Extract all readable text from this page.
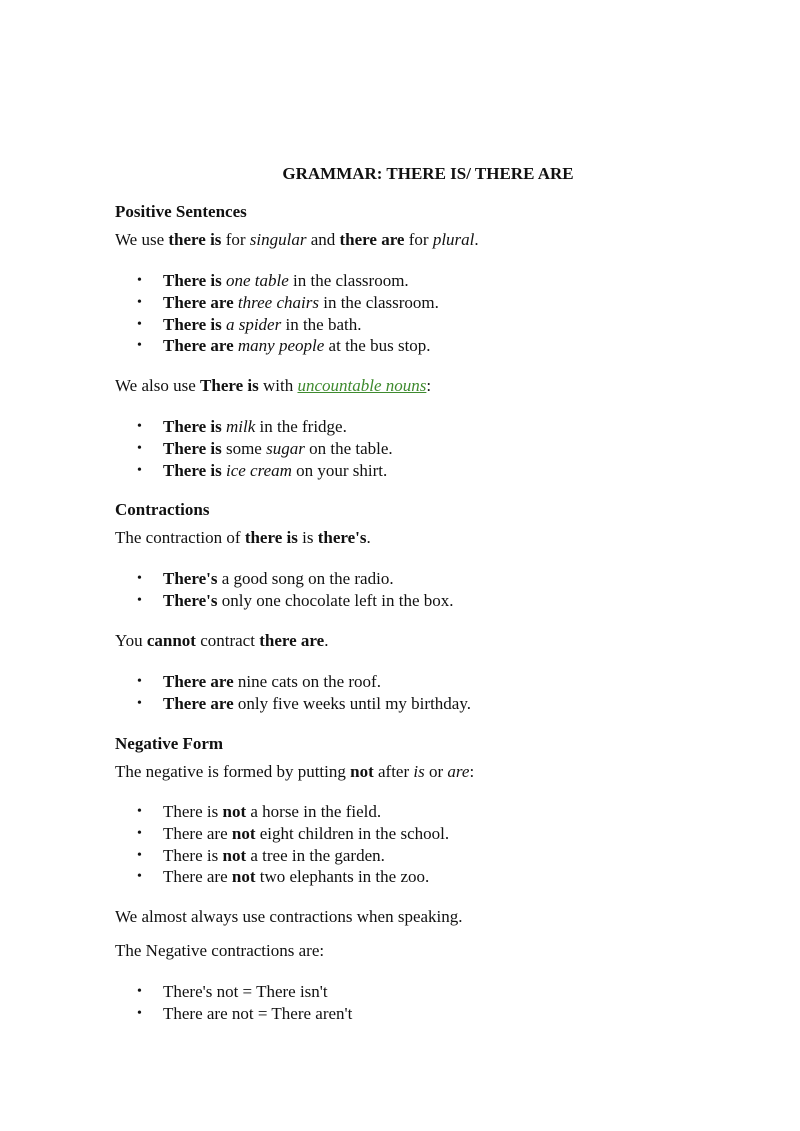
GRAMMAR: THERE IS/ THERE ARE
Positive Sentences
We use there is for singular and there are for plural.
• There is one table in the classroom.
• There are three chairs in the classroom.
• There is a spider in the bath.
• There are many people at the bus stop.
We also use There is with uncountable nouns:
• There is milk in the fridge.
• There is some sugar on the table.
• There is ice cream on your shirt.
Contractions
The contraction of there is is there's.
• There's a good song on the radio.
• There's only one chocolate left in the box.
You cannot contract there are.
• There are nine cats on the roof.
• There are only five weeks until my birthday.
Negative Form
The negative is formed by putting not after is or are:
• There is not a horse in the field.
• There are not eight children in the school.
• There is not a tree in the garden.
• There are not two elephants in the zoo.
We almost always use contractions when speaking.
The Negative contractions are:
• There's not = There isn't
• There are not = There aren't
